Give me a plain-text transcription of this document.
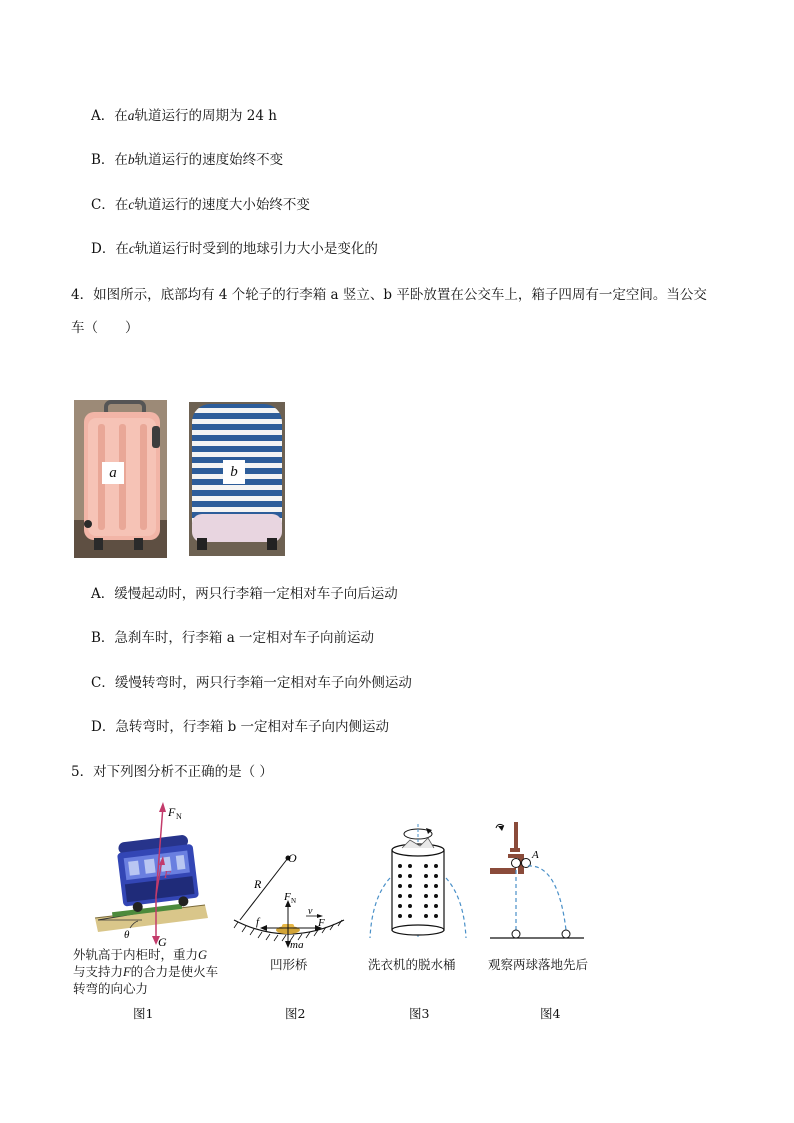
A．在a轨道运行的周期为 24 h
B．在b轨道运行的速度始终不变
C．在c轨道运行的速度大小始终不变
D．在c轨道运行时受到的地球引力大小是变化的
4．如图所示，底部均有 4 个轮子的行李箱 a 竖立、b 平卧放置在公交车上，箱子四周有一定空间。当公交
车（　　）
a	b
A．缓慢起动时，两只行李箱一定相对车子向后运动
B．急刹车时，行李箱 a 一定相对车子向前运动
C．缓慢转弯时，两只行李箱一定相对车子向外侧运动
D．急转弯时，行李箱 b 一定相对车子向内侧运动
5．对下列图分析不正确的是（ ）
F N
F
G
θ
外轨高于内柜时，重力G
与支持力F的合力是使火车
转弯的向心力
图1
O
R
F N
v
f	F
mg
凹形桥
图2
洗衣机的脱水桶
图3
A
观察两球落地先后
图4
